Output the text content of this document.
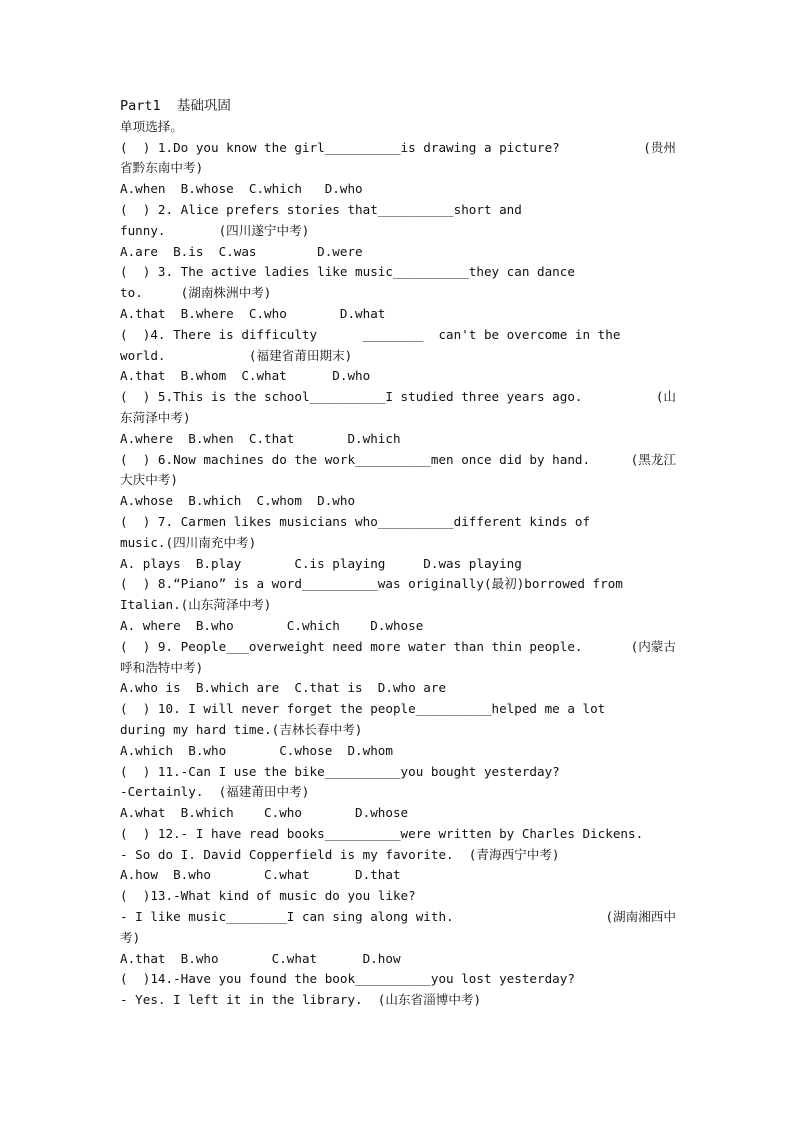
Part1  基础巩固
单项选择。
(  ) 1.Do you know the girl__________is drawing a picture?	(贵州
省黔东南中考)
A.when  B.whose  C.which   D.who
(  ) 2. Alice prefers stories that__________short and
funny.       (四川遂宁中考)
A.are  B.is  C.was        D.were
(  ) 3. The active ladies like music__________they can dance
to.     (湖南株洲中考)
A.that  B.where  C.who       D.what
(  )4. There is difficulty      ________  can't be overcome in the
world.           (福建省莆田期末)
A.that  B.whom  C.what      D.who
(  ) 5.This is the school__________I studied three years ago.	(山
东菏泽中考)
A.where  B.when  C.that       D.which
(  ) 6.Now machines do the work__________men once did by hand.	(黑龙江
大庆中考)
A.whose  B.which  C.whom  D.who
(  ) 7. Carmen likes musicians who__________different kinds of
music.(四川南充中考)
A. plays  B.play       C.is playing     D.was playing
(  ) 8.“Piano” is a word__________was originally(最初)borrowed from
Italian.(山东菏泽中考)
A. where  B.who       C.which    D.whose
(  ) 9. People___overweight need more water than thin people.	(内蒙古
呼和浩特中考)
A.who is  B.which are  C.that is  D.who are
(  ) 10. I will never forget the people__________helped me a lot
during my hard time.(吉林长春中考)
A.which  B.who       C.whose  D.whom
(  ) 11.-Can I use the bike__________you bought yesterday?
-Certainly.  (福建莆田中考)
A.what  B.which    C.who       D.whose
(  ) 12.- I have read books__________were written by Charles Dickens.
- So do I. David Copperfield is my favorite.  (青海西宁中考)
A.how  B.who       C.what      D.that
(  )13.-What kind of music do you like?
- I like music________I can sing along with.	(湖南湘西中
考)
A.that  B.who       C.what      D.how
(  )14.-Have you found the book__________you lost yesterday?
- Yes. I left it in the library.  (山东省淄博中考)
